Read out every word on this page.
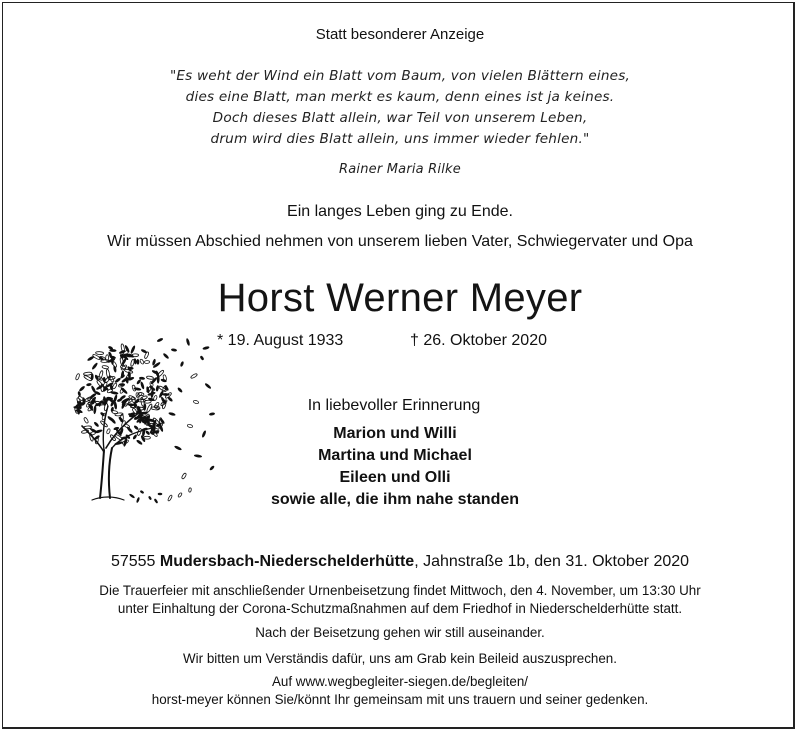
Statt besonderer Anzeige
"Es weht der Wind ein Blatt vom Baum, von vielen Blättern eines,
dies eine Blatt, man merkt es kaum, denn eines ist ja keines.
Doch dieses Blatt allein, war Teil von unserem Leben,
drum wird dies Blatt allein, uns immer wieder fehlen."
Rainer Maria Rilke
Ein langes Leben ging zu Ende.
Wir müssen Abschied nehmen von unserem lieben Vater, Schwiegervater und Opa
Horst Werner Meyer
* 19. August 1933	† 26. Oktober 2020
In liebevoller Erinnerung
Marion und Willi
Martina und Michael
Eileen und Olli
sowie alle, die ihm nahe standen
57555 Mudersbach-Niederschelderhütte, Jahnstraße 1b, den 31. Oktober 2020
Die Trauerfeier mit anschließender Urnenbeisetzung findet Mittwoch, den 4. November, um 13:30 Uhr
unter Einhaltung der Corona-Schutzmaßnahmen auf dem Friedhof in Niederschelderhütte statt.
Nach der Beisetzung gehen wir still auseinander.
Wir bitten um Verständis dafür, uns am Grab kein Beileid auszusprechen.
Auf www.wegbegleiter-siegen.de/begleiten/
horst-meyer können Sie/könnt Ihr gemeinsam mit uns trauern und seiner gedenken.
